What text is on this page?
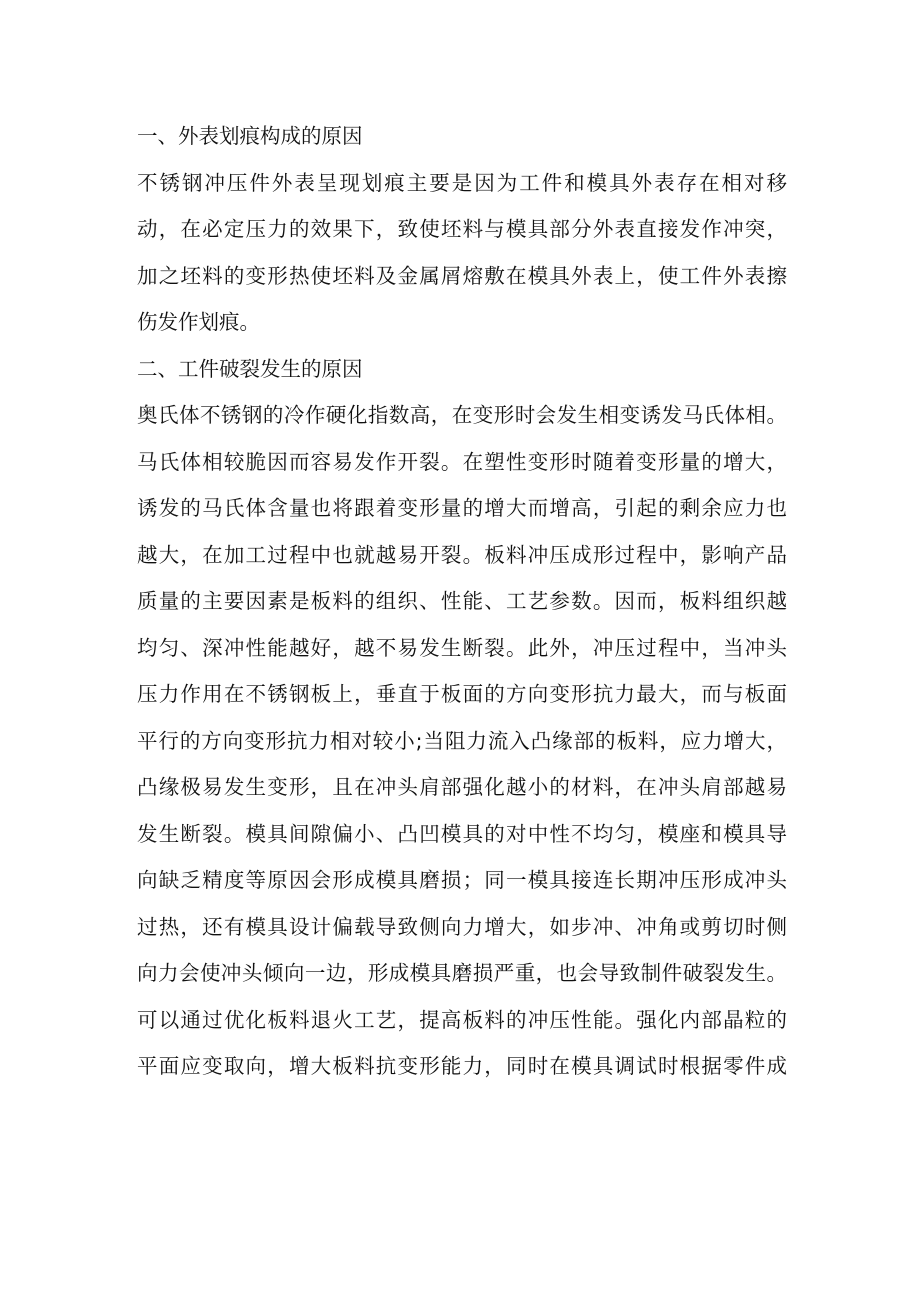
一、外表划痕构成的原因
不锈钢冲压件外表呈现划痕主要是因为工件和模具外表存在相对移
动，在必定压力的效果下，致使坯料与模具部分外表直接发作冲突，
加之坯料的变形热使坯料及金属屑熔敷在模具外表上，使工件外表擦
伤发作划痕。
二、工件破裂发生的原因
奥氏体不锈钢的冷作硬化指数高，在变形时会发生相变诱发马氏体相。
马氏体相较脆因而容易发作开裂。在塑性变形时随着变形量的增大，
诱发的马氏体含量也将跟着变形量的增大而增高，引起的剩余应力也
越大，在加工过程中也就越易开裂。板料冲压成形过程中，影响产品
质量的主要因素是板料的组织、性能、工艺参数。因而，板料组织越
均匀、深冲性能越好，越不易发生断裂。此外，冲压过程中，当冲头
压力作用在不锈钢板上，垂直于板面的方向变形抗力最大，而与板面
平行的方向变形抗力相对较小;当阻力流入凸缘部的板料，应力增大，
凸缘极易发生变形，且在冲头肩部强化越小的材料，在冲头肩部越易
发生断裂。模具间隙偏小、凸凹模具的对中性不均匀，模座和模具导
向缺乏精度等原因会形成模具磨损；同一模具接连长期冲压形成冲头
过热，还有模具设计偏载导致侧向力增大，如步冲、冲角或剪切时侧
向力会使冲头倾向一边，形成模具磨损严重，也会导致制件破裂发生。
可以通过优化板料退火工艺，提高板料的冲压性能。强化内部晶粒的
平面应变取向，增大板料抗变形能力，同时在模具调试时根据零件成
